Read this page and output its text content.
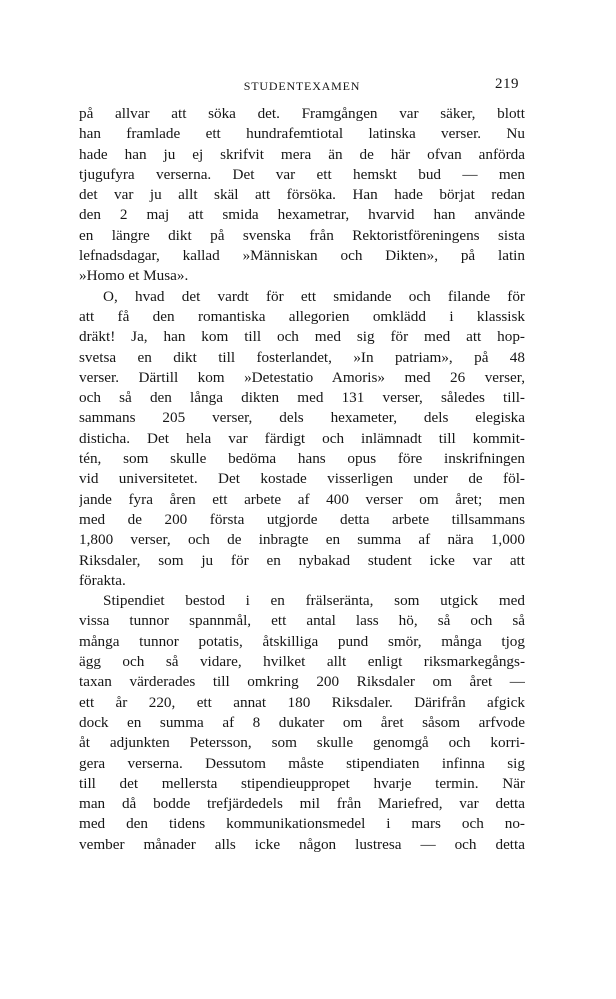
STUDENTEXAMEN	219
på allvar att söka det. Framgången var säker, blott
han framlade ett hundrafemtiotal latinska verser. Nu
hade han ju ej skrifvit mera än de här ofvan anförda
tjugufyra verserna. Det var ett hemskt bud — men
det var ju allt skäl att försöka. Han hade börjat redan
den 2 maj att smida hexametrar, hvarvid han använde
en längre dikt på svenska från Rektoristföreningens sista
lefnadsdagar, kallad »Människan och Dikten», på latin
»Homo et Musa».
O, hvad det vardt för ett smidande och filande för
att få den romantiska allegorien omklädd i klassisk
dräkt! Ja, han kom till och med sig för med att hop-
svetsa en dikt till fosterlandet, »In patriam», på 48
verser. Därtill kom »Detestatio Amoris» med 26 verser,
och så den långa dikten med 131 verser, således till-
sammans 205 verser, dels hexameter, dels elegiska
disticha. Det hela var färdigt och inlämnadt till kommit-
tén, som skulle bedöma hans opus före inskrifningen
vid universitetet. Det kostade visserligen under de föl-
jande fyra åren ett arbete af 400 verser om året; men
med de 200 första utgjorde detta arbete tillsammans
1,800 verser, och de inbragte en summa af nära 1,000
Riksdaler, som ju för en nybakad student icke var att
förakta.
Stipendiet bestod i en frälseränta, som utgick med
vissa tunnor spannmål, ett antal lass hö, så och så
många tunnor potatis, åtskilliga pund smör, många tjog
ägg och så vidare, hvilket allt enligt riksmarkegångs-
taxan värderades till omkring 200 Riksdaler om året —
ett år 220, ett annat 180 Riksdaler. Därifrån afgick
dock en summa af 8 dukater om året såsom arfvode
åt adjunkten Petersson, som skulle genomgå och korri-
gera verserna. Dessutom måste stipendiaten infinna sig
till det mellersta stipendieuppropet hvarje termin. När
man då bodde trefjärdedels mil från Mariefred, var detta
med den tidens kommunikationsmedel i mars och no-
vember månader alls icke någon lustresa — och detta
